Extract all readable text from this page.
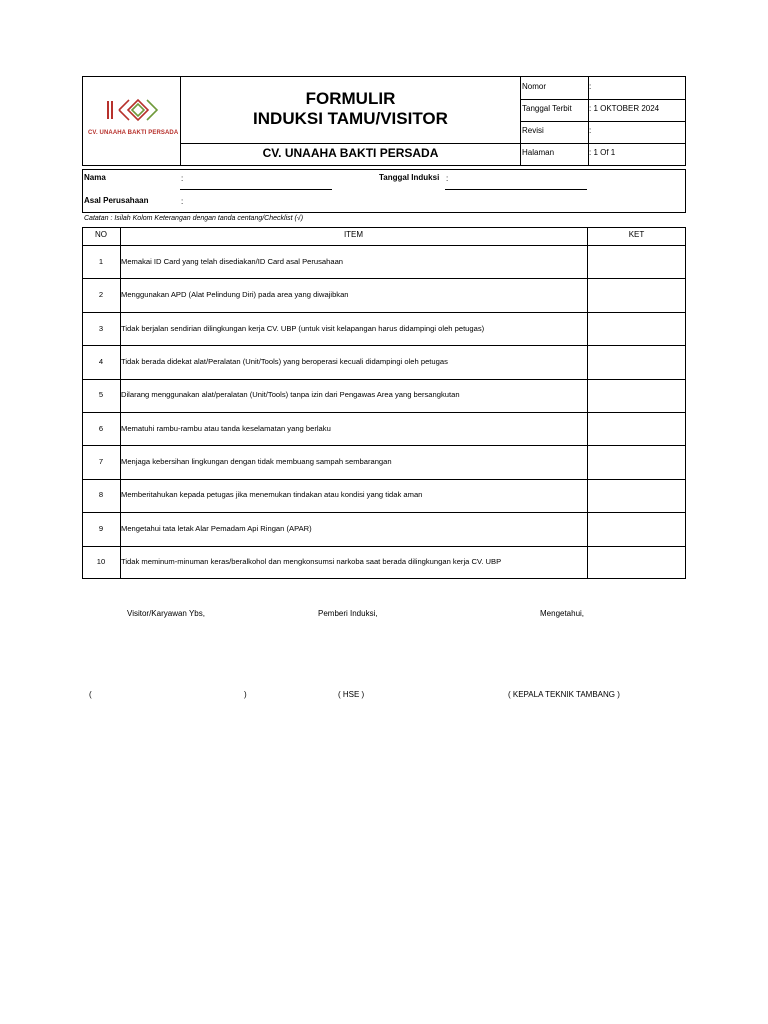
CV. UNAAHA BAKTI PERSADA
FORMULIR
INDUKSI TAMU/VISITOR
CV. UNAAHA BAKTI PERSADA
Nomor	:
Tanggal Terbit : 1 OKTOBER 2024
Revisi	:
Halaman	: 1 Of 1
Nama	:	Tanggal Induksi :
Asal Perusahaan	:
Catatan : Isilah Kolom Keterangan dengan tanda centang/Checklist (√)
NO	ITEM	KET
1	Memakai ID Card yang telah disediakan/ID Card asal Perusahaan
2	Menggunakan APD (Alat Pelindung Diri) pada area yang diwajibkan
3	Tidak berjalan sendirian dilingkungan kerja CV. UBP (untuk visit kelapangan harus didampingi oleh petugas)
4	Tidak berada didekat alat/Peralatan (Unit/Tools) yang beroperasi kecuali didampingi oleh petugas
5	Dilarang menggunakan alat/peralatan (Unit/Tools) tanpa izin dari Pengawas Area yang bersangkutan
6	Mematuhi rambu-rambu atau tanda keselamatan yang berlaku
7	Menjaga kebersihan lingkungan dengan tidak membuang sampah sembarangan
8	Memberitahukan kepada petugas jika menemukan tindakan atau kondisi yang tidak aman
9	Mengetahui tata letak Alar Pemadam Api Ringan (APAR)
10	Tidak meminum-minuman keras/beralkohol dan mengkonsumsi narkoba saat berada dilingkungan kerja CV. UBP
Visitor/Karyawan Ybs,	Pemberi Induksi,	Mengetahui,
(	)	( HSE )	( KEPALA TEKNIK TAMBANG )
